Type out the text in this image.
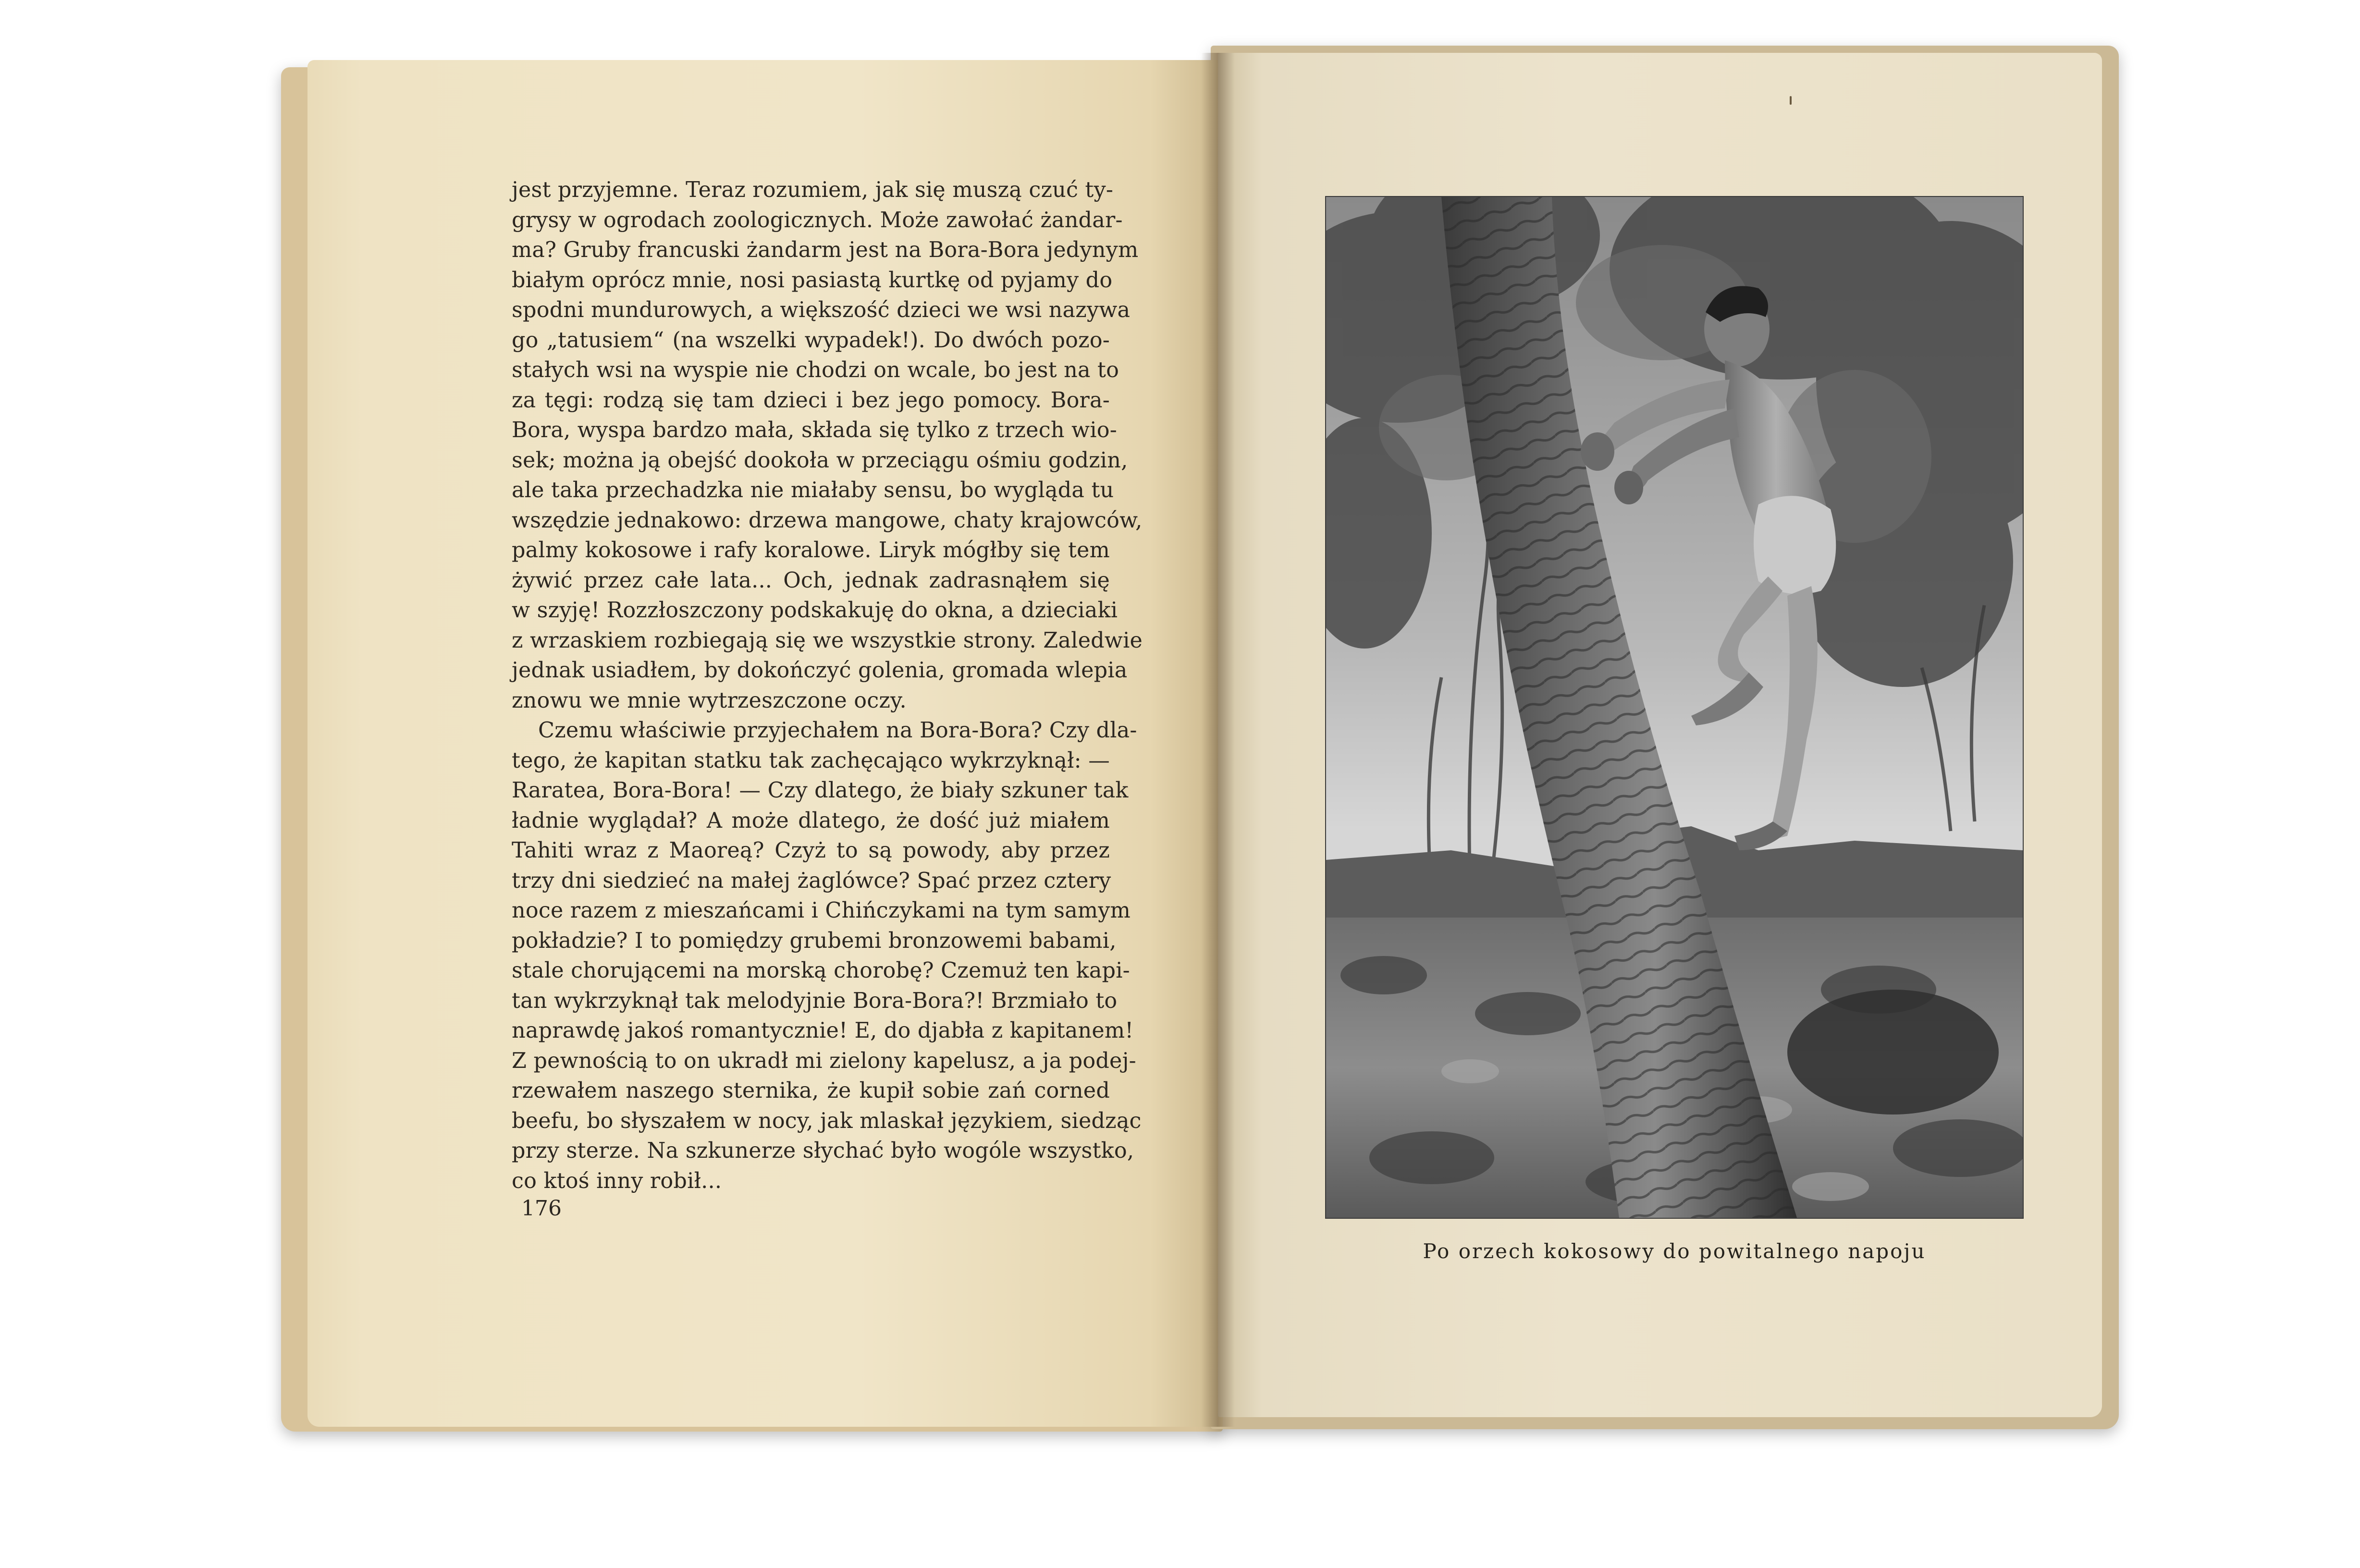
jest przyjemne. Teraz rozumiem, jak się muszą czuć ty-
grysy w ogrodach zoologicznych. Może zawołać żandar-
ma? Gruby francuski żandarm jest na Bora-Bora jedynym
białym oprócz mnie, nosi pasiastą kurtkę od pyjamy do
spodni mundurowych, a większość dzieci we wsi nazywa
go „tatusiem“ (na wszelki wypadek!). Do dwóch pozo-
stałych wsi na wyspie nie chodzi on wcale, bo jest na to
za tęgi: rodzą się tam dzieci i bez jego pomocy. Bora-
Bora, wyspa bardzo mała, składa się tylko z trzech wio-
sek; można ją obejść dookoła w przeciągu ośmiu godzin,
ale taka przechadzka nie miałaby sensu, bo wygląda tu
wszędzie jednakowo: drzewa mangowe, chaty krajowców,
palmy kokosowe i rafy koralowe. Liryk mógłby się tem
żywić przez całe lata... Och, jednak zadrasnąłem się
w szyję! Rozzłoszczony podskakuję do okna, a dzieciaki
z wrzaskiem rozbiegają się we wszystkie strony. Zaledwie
jednak usiadłem, by dokończyć golenia, gromada wlepia
znowu we mnie wytrzeszczone oczy.
Czemu właściwie przyjechałem na Bora-Bora? Czy dla-
tego, że kapitan statku tak zachęcająco wykrzyknął: —
Raratea, Bora-Bora! — Czy dlatego, że biały szkuner tak
ładnie wyglądał? A może dlatego, że dość już miałem
Tahiti wraz z Maoreą? Czyż to są powody, aby przez
trzy dni siedzieć na małej żaglówce? Spać przez cztery
noce razem z mieszańcami i Chińczykami na tym samym
pokładzie? I to pomiędzy grubemi bronzowemi babami,
stale chorującemi na morską chorobę? Czemuż ten kapi-
tan wykrzyknął tak melodyjnie Bora-Bora?! Brzmiało to
naprawdę jakoś romantycznie! E, do djabła z kapitanem!
Z pewnością to on ukradł mi zielony kapelusz, a ja podej-
rzewałem naszego sternika, że kupił sobie zań corned
beefu, bo słyszałem w nocy, jak mlaskał językiem, siedząc
przy sterze. Na szkunerze słychać było wogóle wszystko,
co ktoś inny robił...
176
Po orzech kokosowy do powitalnego napoju
